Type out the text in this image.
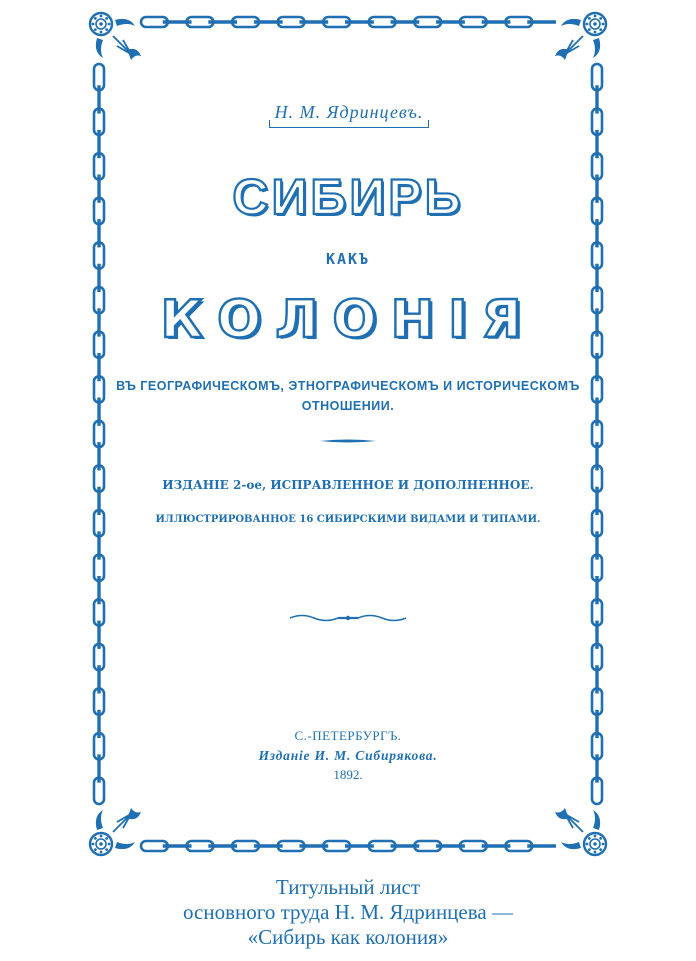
Н. М. Ядринцевъ.
СИБИРЬ
КАКЪ
КОЛОНІЯ
ВЪ ГЕОГРАФИЧЕСКОМЪ, ЭТНОГРАФИЧЕСКОМЪ И ИСТОРИЧЕСКОМЪ
ОТНОШЕНИИ.
ИЗДАНІЕ 2-ое, ИСПРАВЛЕННОЕ И ДОПОЛНЕННОЕ.
ИЛЛЮСТРИРОВАННОЕ 16 СИБИРСКИМИ ВИДАМИ И ТИПАМИ.
С.-ПЕТЕРБУРГЪ.
Изданіе И. М. Сибирякова.
1892.
Титульный лист
основного труда Н. М. Ядринцева —
«Сибирь как колония»
